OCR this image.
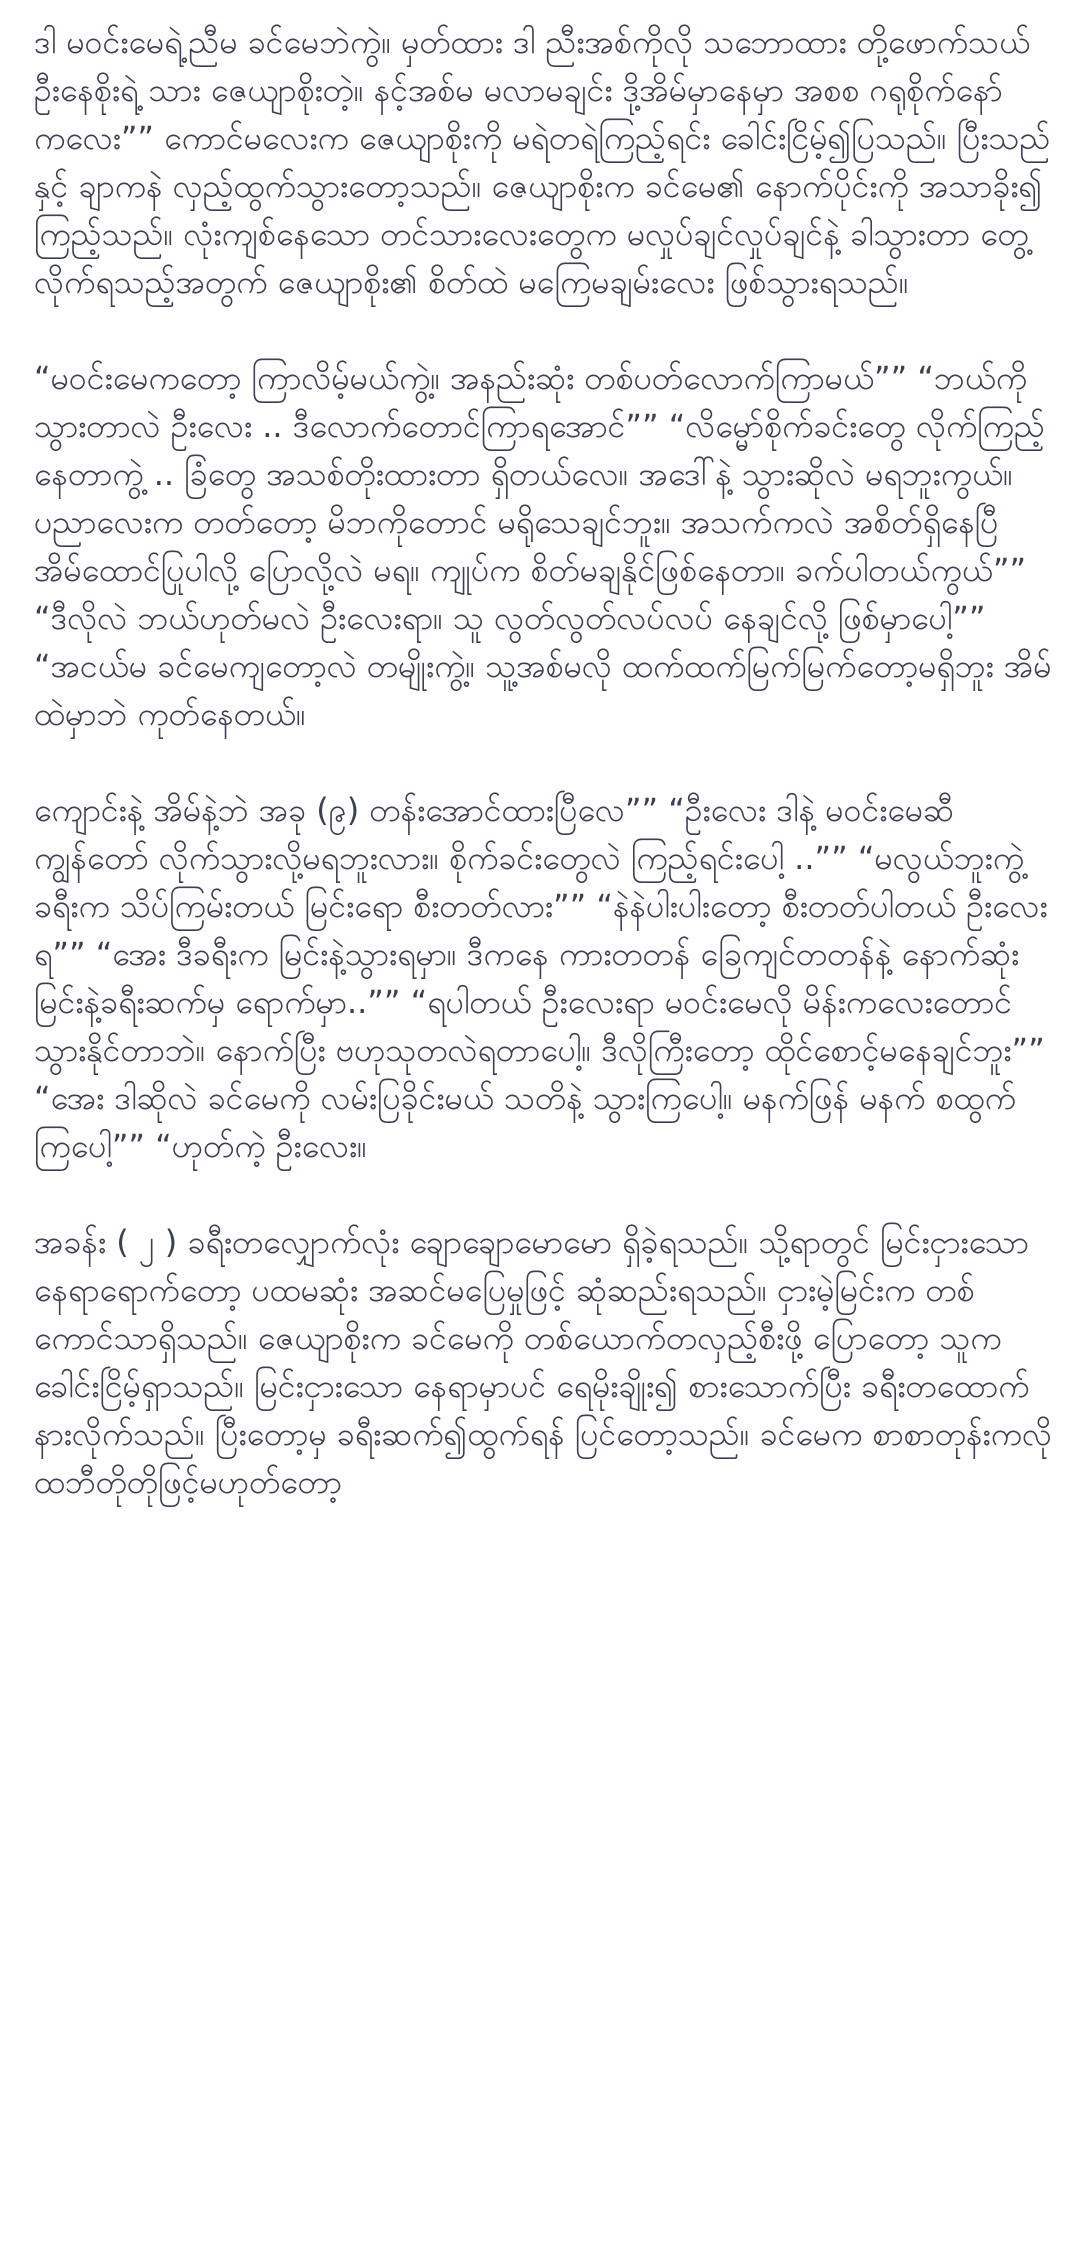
ဒါ မဝင်းမေရဲ့ညီမ ခင်မေဘဲကွဲ။ မှတ်ထား ဒါ ညီးအစ်ကိုလို သဘောထား တို့ဖောက်သယ် ဦးနေစိုးရဲ့ သား ဇေယျာစိုးတဲ့။ နင့်အစ်မ မလာမချင်း ဒို့အိမ်မှာနေမှာ အစစ ဂရုစိုက်နော် ကလေး”” ကောင်မလေးက ဇေယျာစိုးကို မရဲတရဲကြည့်ရင်း ခေါင်းငြိမ့်၍ပြသည်။ ပြီးသည်နှင့် ချာကနဲ လှည့်ထွက်သွားတော့သည်။ ဇေယျာစိုးက ခင်မေ၏ နောက်ပိုင်းကို အသာခိုး၍ ကြည့်သည်။ လုံးကျစ်နေသော တင်သားလေးတွေက မလှုပ်ချင်လှုပ်ချင်နဲ့ ခါသွားတာ တွေ့လိုက်ရသည့်အတွက် ဇေယျာစိုး၏ စိတ်ထဲ မကြေမချမ်းလေး ဖြစ်သွားရသည်။

“မဝင်းမေကတော့ ကြာလိမ့်မယ်ကွဲ့။ အနည်းဆုံး တစ်ပတ်လောက်ကြာမယ်”” “ဘယ်ကိုသွားတာလဲ ဦးလေး .. ဒီလောက်တောင်ကြာရအောင်”” “လိမ္မော်စိုက်ခင်းတွေ လိုက်ကြည့်နေတာကွဲ့ .. ခြံတွေ အသစ်တိုးထားတာ ရှိတယ်လေ။ အဒေါ်နဲ့ သွားဆိုလဲ မရဘူးကွယ်။ ပညာလေးက တတ်တော့ မိဘကိုတောင် မရိုသေချင်ဘူး။ အသက်ကလဲ အစိတ်ရှိနေပြီ အိမ်ထောင်ပြုပါလို့ ပြောလို့လဲ မရ။ ကျုပ်က စိတ်မချနိုင်ဖြစ်နေတာ။ ခက်ပါတယ်ကွယ်”” “ဒီလိုလဲ ဘယ်ဟုတ်မလဲ ဦးလေးရာ။ သူ လွတ်လွတ်လပ်လပ် နေချင်လို့ ဖြစ်မှာပေါ့”” “အငယ်မ ခင်မေကျတော့လဲ တမျိုးကွဲ့။ သူ့အစ်မလို ထက်ထက်မြက်မြက်တော့မရှိဘူး အိမ်ထဲမှာဘဲ ကုတ်နေတယ်။

ကျောင်းနဲ့ အိမ်နဲ့ဘဲ အခု (၉) တန်းအောင်ထားပြီလေ”” “ဦးလေး ဒါနဲ့ မဝင်းမေဆီ ကျွန်တော် လိုက်သွားလို့မရဘူးလား။ စိုက်ခင်းတွေလဲ ကြည့်ရင်းပေါ့ ..”” “မလွယ်ဘူးကွဲ့ ခရီးက သိပ်ကြမ်းတယ် မြင်းရော စီးတတ်လား”” “နဲနဲပါးပါးတော့ စီးတတ်ပါတယ် ဦးလေးရ”” “အေး ဒီခရီးက မြင်းနဲ့သွားရမှာ။ ဒီကနေ ကားတတန် ခြေကျင်တတန်နဲ့ နောက်ဆုံး မြင်းနဲ့ခရီးဆက်မှ ရောက်မှာ..”” “ရပါတယ် ဦးလေးရာ မဝင်းမေလို မိန်းကလေးတောင် သွားနိုင်တာဘဲ။ နောက်ပြီး ဗဟုသုတလဲရတာပေါ့။ ဒီလိုကြီးတော့ ထိုင်စောင့်မနေချင်ဘူး”” “အေး ဒါဆိုလဲ ခင်မေကို လမ်းပြခိုင်းမယ် သတိနဲ့ သွားကြပေါ့။ မနက်ဖြန် မနက် စထွက်ကြပေါ့”” “ဟုတ်ကဲ့ ဦးလေး။

အခန်း ( ၂ ) ခရီးတလျှောက်လုံး ချောချောမောမော ရှိခဲ့ရသည်။ သို့ရာတွင် မြင်းငှားသော နေရာရောက်တော့ ပထမဆုံး အဆင်မပြေမှုဖြင့် ဆုံဆည်းရသည်။ ငှားမဲ့မြင်းက တစ်ကောင်သာရှိသည်။ ဇေယျာစိုးက ခင်မေကို တစ်ယောက်တလှည့်စီးဖို့ ပြောတော့ သူက ခေါင်းငြိမ့်ရှာသည်။ မြင်းငှားသော နေရာမှာပင် ရေမိုးချိုး၍ စားသောက်ပြီး ခရီးတထောက်နားလိုက်သည်။ ပြီးတော့မှ ခရီးဆက်၍ထွက်ရန် ပြင်တော့သည်။ ခင်မေက စာစာတုန်းကလို ထဘီတိုတိုဖြင့်မဟုတ်တော့
